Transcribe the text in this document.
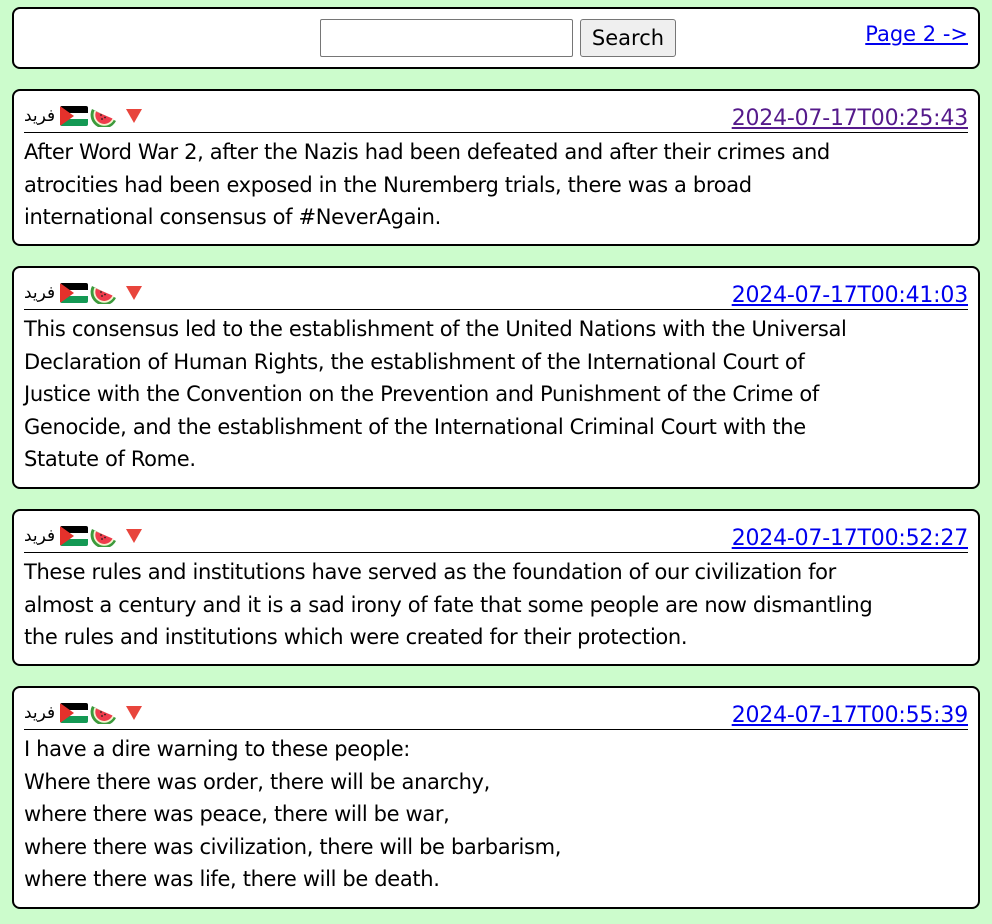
Search	Page 2 ->
فريد	2024-07-17T00:25:43
After Word War 2, after the Nazis had been defeated and after their crimes and
atrocities had been exposed in the Nuremberg trials, there was a broad
international consensus of #NeverAgain.
فريد	2024-07-17T00:41:03
This consensus led to the establishment of the United Nations with the Universal
Declaration of Human Rights, the establishment of the International Court of
Justice with the Convention on the Prevention and Punishment of the Crime of
Genocide, and the establishment of the International Criminal Court with the
Statute of Rome.
فريد	2024-07-17T00:52:27
These rules and institutions have served as the foundation of our civilization for
almost a century and it is a sad irony of fate that some people are now dismantling
the rules and institutions which were created for their protection.
فريد	2024-07-17T00:55:39
I have a dire warning to these people:
Where there was order, there will be anarchy,
where there was peace, there will be war,
where there was civilization, there will be barbarism,
where there was life, there will be death.
